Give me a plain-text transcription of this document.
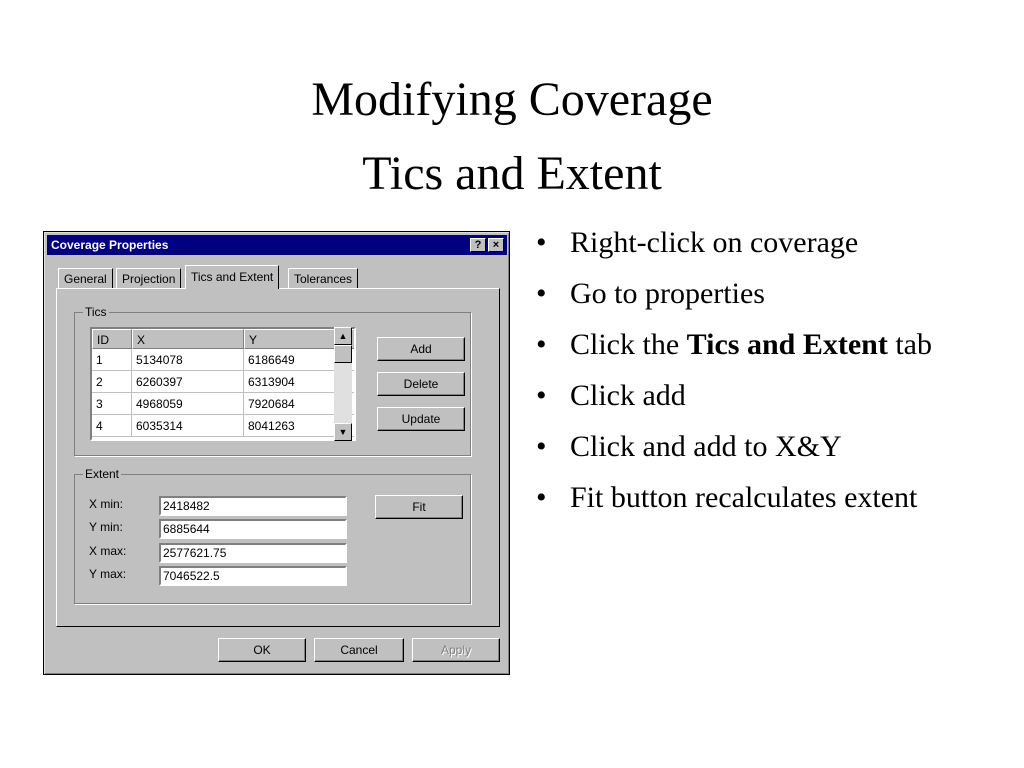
Modifying Coverage
Tics and Extent
Coverage Properties	?	×
General	Projection	Tics and Extent	Tolerances
Tics
ID	X	Y
1	5134078	6186649
2	6260397	6313904
3	4968059	7920684
4	6035314	8041263
▲
▼
Add
Delete
Update
Extent
X min:	2418482
Y min:	6885644
X max:	2577621.75
Y max:	7046522.5
Fit
OK	Cancel	Apply
• Right-click on coverage
• Go to properties
• Click the Tics and Extent tab
• Click add
• Click and add to X&Y
• Fit button recalculates extent
